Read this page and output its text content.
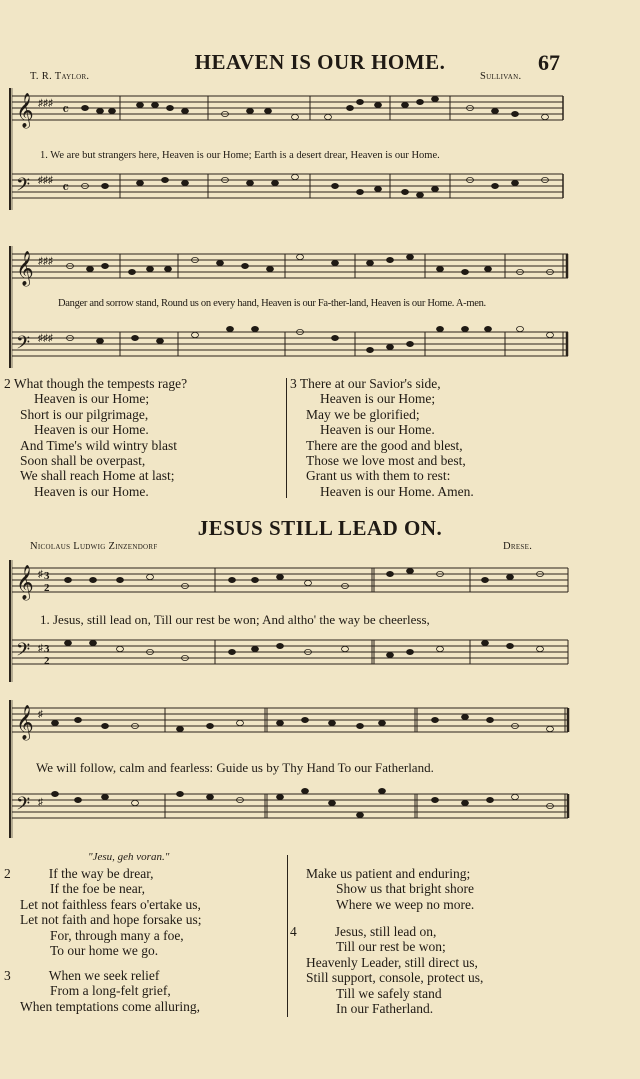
HEAVEN IS OUR HOME.	67
T. R. Taylor.	Sullivan.
𝄞 ♯♯♯ 𝄴
𝄢 ♯♯♯ 𝄴
1. We are but strangers here, Heaven is our Home; Earth is a desert drear, Heaven is our Home.
𝄞 ♯♯♯
𝄢 ♯♯♯
Danger and sorrow stand, Round us on every hand, Heaven is our Fa-ther-land, Heaven is our Home. A-men.
2 What though the tempests rage?
Heaven is our Home;
Short is our pilgrimage,
Heaven is our Home.
And Time's wild wintry blast
Soon shall be overpast,
We shall reach Home at last;
Heaven is our Home.
3 There at our Savior's side,
Heaven is our Home;
May we be glorified;
Heaven is our Home.
There are the good and blest,
Those we love most and best,
Grant us with them to rest:
Heaven is our Home. Amen.
JESUS STILL LEAD ON.
Nicolaus Ludwig Zinzendorf	Drese.
𝄞 ♯ 3
2
𝄢 ♯ 3
2
1. Jesus, still lead on, Till our rest be won; And altho' the way be cheerless,
𝄞 ♯
𝄢 ♯
We will follow, calm and fearless: Guide us by Thy Hand To our Fatherland.
"Jesu, geh voran."
2	If the way be drear,
If the foe be near,
Let not faithless fears o'ertake us,
Let not faith and hope forsake us;
For, through many a foe,
To our home we go.
3	When we seek relief
From a long-felt grief,
When temptations come alluring,
Make us patient and enduring;
Show us that bright shore
Where we weep no more.
4	Jesus, still lead on,
Till our rest be won;
Heavenly Leader, still direct us,
Still support, console, protect us,
Till we safely stand
In our Fatherland.
